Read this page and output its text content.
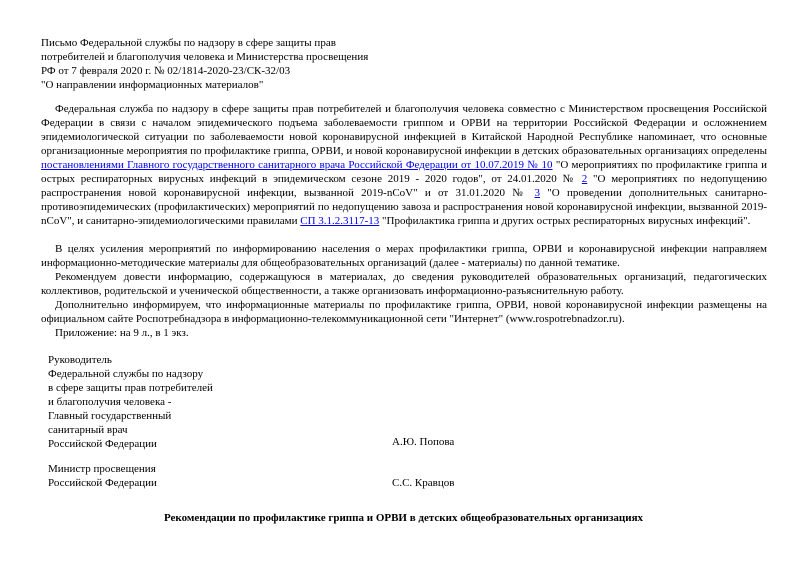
Письмо Федеральной службы по надзору в сфере защиты прав
потребителей и благополучия человека и Министерства просвещения
РФ от 7 февраля 2020 г. № 02/1814-2020-23/СК-32/03
"О направлении информационных материалов"

Федеральная служба по надзору в сфере защиты прав потребителей и благополучия человека совместно с Министерством просвещения Российской Федерации в связи с началом эпидемического подъема заболеваемости гриппом и ОРВИ на территории Российской Федерации и осложнением эпидемиологической ситуации по заболеваемости новой коронавирусной инфекцией в Китайской Народной Республике напоминает, что основные организационные мероприятия по профилактике гриппа, ОРВИ, и новой коронавирусной инфекции в детских образовательных организациях определены постановлениями Главного государственного санитарного врача Российской Федерации от 10.07.2019 № 10 "О мероприятиях по профилактике гриппа и острых респираторных вирусных инфекций в эпидемическом сезоне 2019 - 2020 годов", от 24.01.2020 № 2 "О мероприятиях по недопущению распространения новой коронавирусной инфекции, вызванной 2019-nCoV" и от 31.01.2020 № 3 "О проведении дополнительных санитарно-противоэпидемических (профилактических) мероприятий по недопущению завоза и распространения новой коронавирусной инфекции, вызванной 2019-nCoV", и санитарно-эпидемиологическими правилами СП 3.1.2.3117-13 "Профилактика гриппа и других острых респираторных вирусных инфекций".

В целях усиления мероприятий по информированию населения о мерах профилактики гриппа, ОРВИ и коронавирусной инфекции направляем информационно-методические материалы для общеобразовательных организаций (далее - материалы) по данной тематике.

Рекомендуем довести информацию, содержащуюся в материалах, до сведения руководителей образовательных организаций, педагогических коллективов, родительской и ученической общественности, а также организовать информационно-разъяснительную работу.

Дополнительно информируем, что информационные материалы по профилактике гриппа, ОРВИ, новой коронавирусной инфекции размещены на официальном сайте Роспотребнадзора в информационно-телекоммуникационной сети "Интернет" (www.rospotrebnadzor.ru).

Приложение: на 9 л., в 1 экз.

Руководитель
Федеральной службы по надзору
в сфере защиты прав потребителей
и благополучия человека -
Главный государственный
санитарный врач
Российской Федерации	А.Ю. Попова
Министр просвещения
Российской Федерации	С.С. Кравцов
Рекомендации по профилактике гриппа и ОРВИ в детских общеобразовательных организациях
